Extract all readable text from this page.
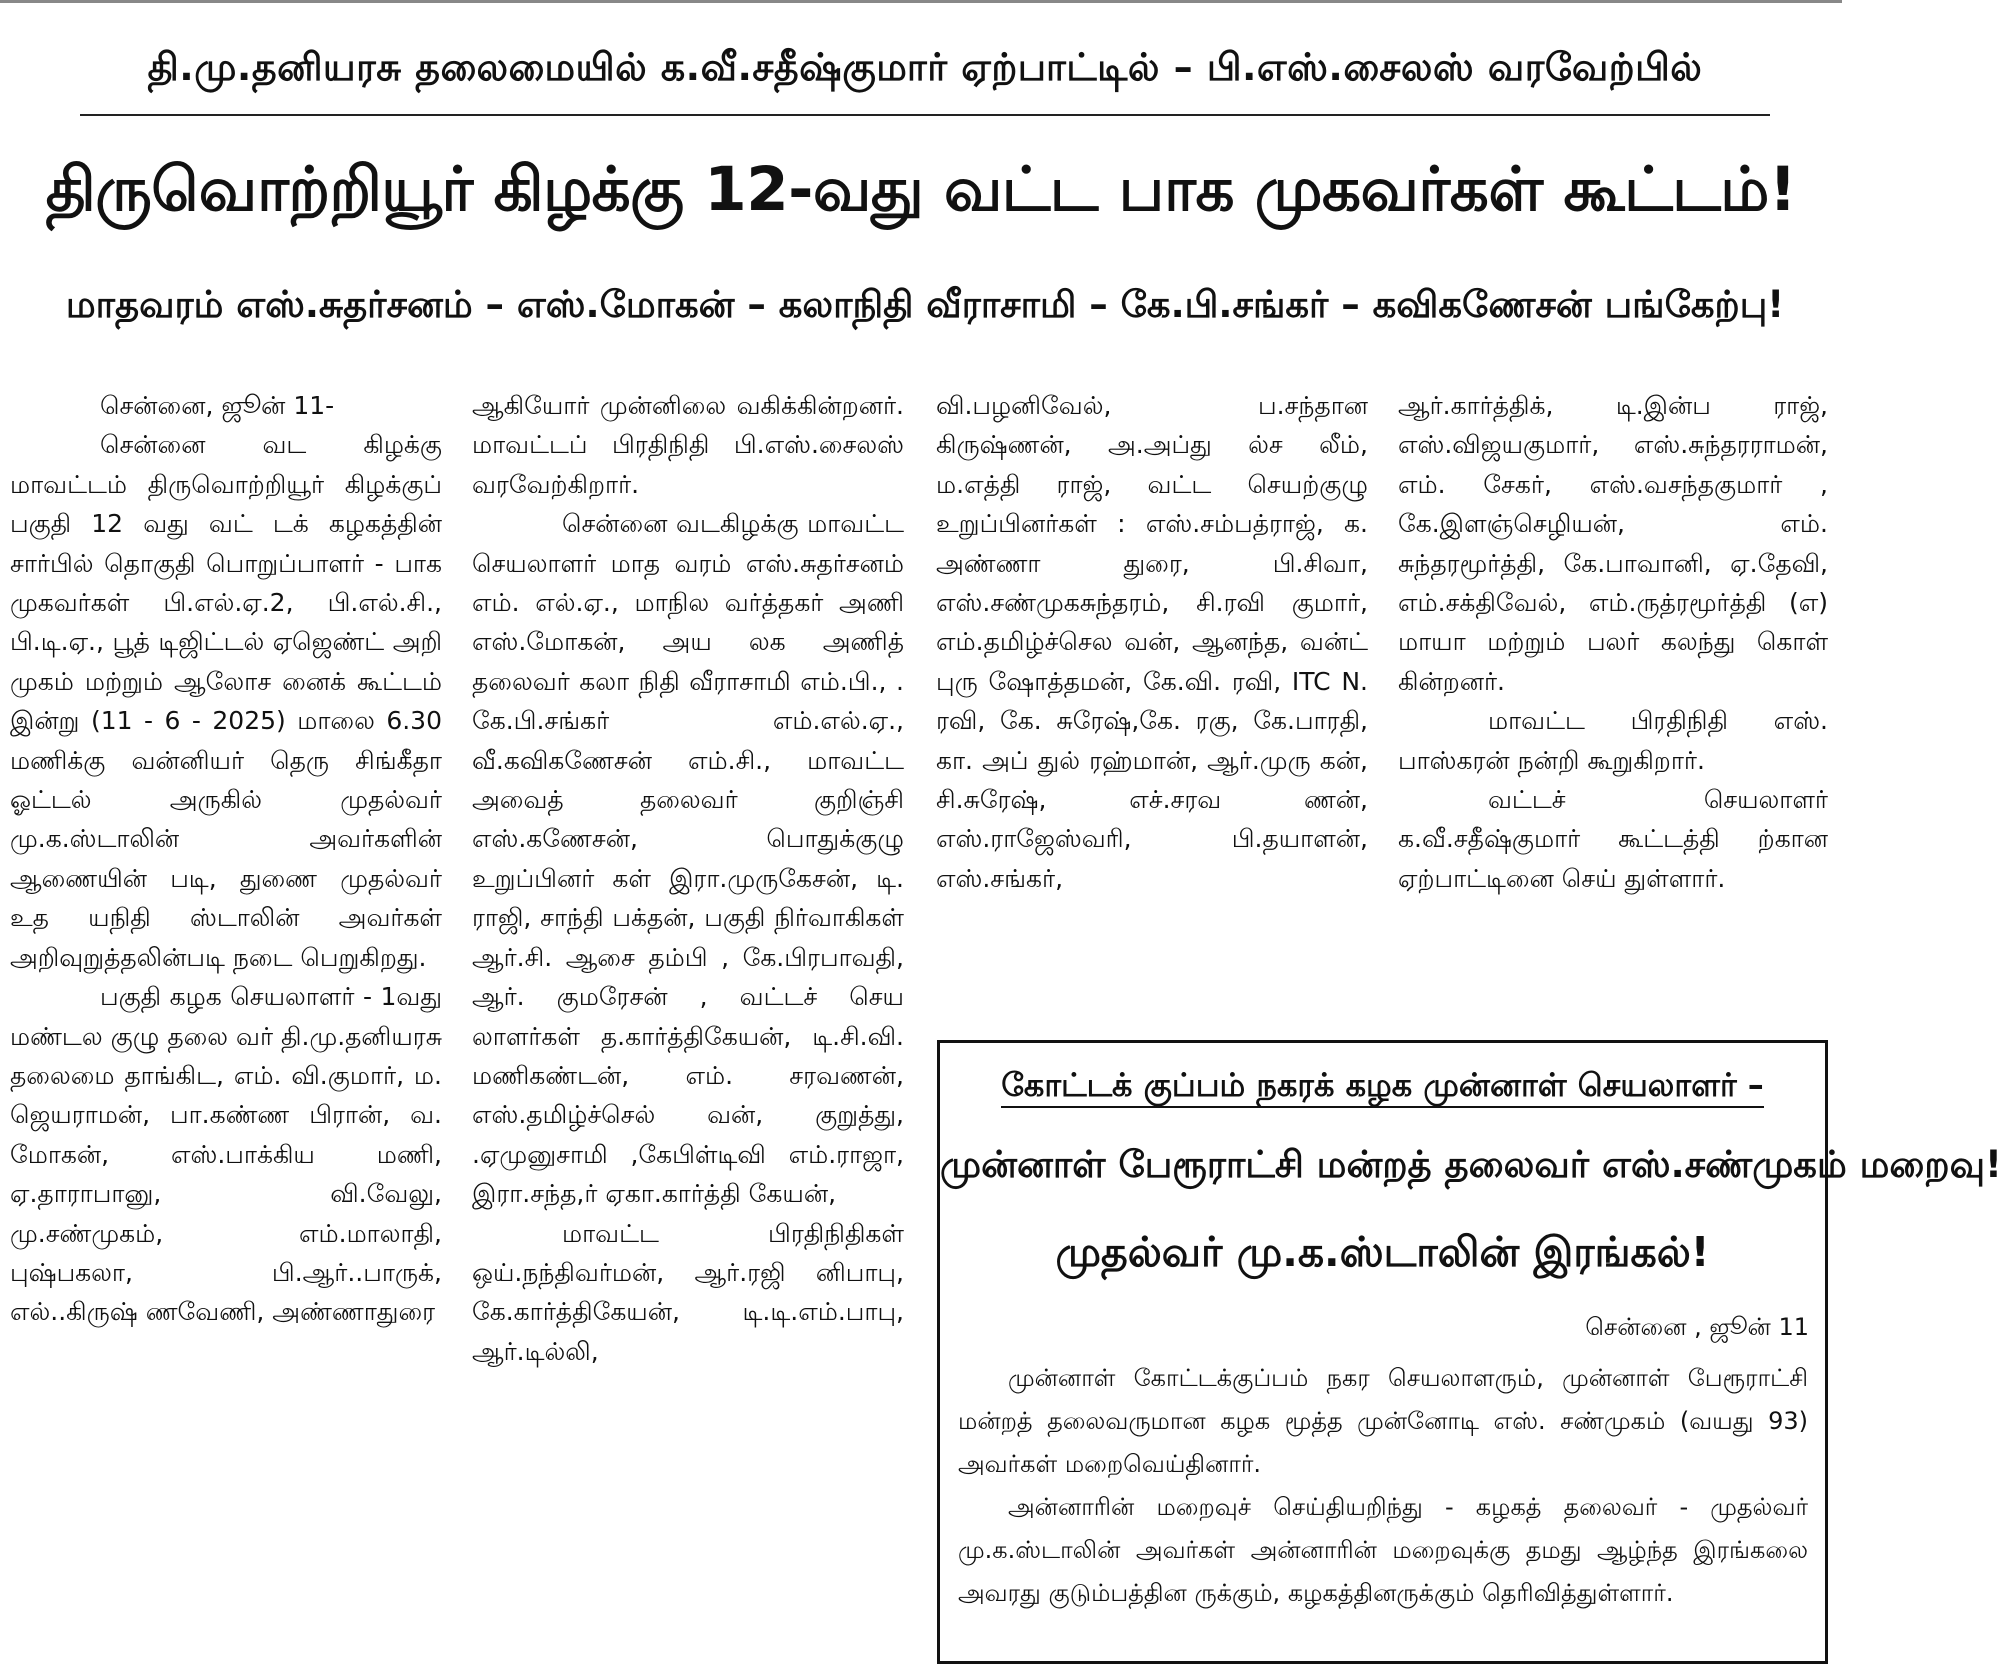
தி.மு.தனியரசு தலைமையில் க.வீ.சதீஷ்குமார் ஏற்பாட்டில் – பி.எஸ்.சைலஸ் வரவேற்பில்
திருவொற்றியூர் கிழக்கு 12-வது வட்ட பாக முகவர்கள் கூட்டம்!
மாதவரம் எஸ்.சுதர்சனம் – எஸ்.மோகன் – கலாநிதி வீராசாமி – கே.பி.சங்கர் – கவிகணேசன் பங்கேற்பு!

சென்னை, ஜூன் 11-

சென்னை வட கிழக்கு மாவட்டம் திருவொற்றியூர் கிழக்குப் பகுதி 12 வது வட் டக் கழகத்தின் சார்பில் தொகுதி பொறுப்பாளர் - பாக முகவர்கள் பி.எல்.ஏ.2, பி.எல்.சி., பி.டி.ஏ., பூத் டிஜிட்டல் ஏஜெண்ட் அறி முகம் மற்றும் ஆலோச னைக் கூட்டம் இன்று (11 - 6 - 2025) மாலை 6.30 மணிக்கு வன்னியர் தெரு சிங்கீதா ஓட்டல் அருகில் முதல்வர் மு.க.ஸ்டாலின் அவர்களின் ஆணையின் படி, துணை முதல்வர் உத யநிதி ஸ்டாலின் அவர்கள் அறிவுறுத்தலின்படி நடை பெறுகிறது.

பகுதி கழக செயலாளர் - 1வது மண்டல குழு தலை வர் தி.மு.தனியரசு தலைமை தாங்கிட, எம். வி.குமார், ம. ஜெயராமன், பா.கண்ண பிரான், வ. மோகன், எஸ்.பாக்கிய மணி, ஏ.தாராபானு, வி.வேலு, மு.சண்முகம், எம்.மாலாதி, புஷ்பகலா, பி.ஆர்..பாருக், எல்..கிருஷ் ணவேணி, அண்ணாதுரை

ஆகியோர் முன்னிலை வகிக்கின்றனர். மாவட்டப் பிரதிநிதி பி.எஸ்.சைலஸ் வரவேற்கிறார்.

சென்னை வடகிழக்கு மாவட்ட செயலாளர் மாத வரம் எஸ்.சுதர்சனம் எம். எல்.ஏ., மாநில வர்த்தகர் அணி எஸ்.மோகன், அய லக அணித் தலைவர் கலா நிதி வீராசாமி எம்.பி., . கே.பி.சங்கர் எம்.எல்.ஏ., வீ.கவிகணேசன் எம்.சி., மாவட்ட அவைத் தலைவர் குறிஞ்சி எஸ்.கணேசன், பொதுக்குழு உறுப்பினர் கள் இரா.முருகேசன், டி. ராஜி, சாந்தி பக்தன், பகுதி நிர்வாகிகள் ஆர்.சி. ஆசை தம்பி , கே.பிரபாவதி, ஆர். குமரேசன் , வட்டச் செய லாளர்கள் த.கார்த்திகேயன், டி.சி.வி. மணிகண்டன், எம். சரவணன், எஸ்.தமிழ்ச்செல் வன், குறுத்து, .ஏமுனுசாமி ,கேபிள்டிவி எம்.ராஜா, இரா.சந்த,ர் ஏகா.கார்த்தி கேயன்,

மாவட்ட பிரதிநிதிகள் ஒய்.நந்திவர்மன், ஆர்.ரஜி னிபாபு, கே.கார்த்திகேயன், டி.டி.எம்.பாபு, ஆர்.டில்லி,

வி.பழனிவேல், ப.சந்தான கிருஷ்ணன், அ.அப்து ல்ச லீம், ம.எத்தி ராஜ், வட்ட செயற்குழு உறுப்பினர்கள் : எஸ்.சம்பத்ராஜ், க. அண்ணா துரை, பி.சிவா, எஸ்.சண்முகசுந்தரம், சி.ரவி குமார், எம்.தமிழ்ச்செல வன், ஆனந்த, வன்ட் புரு ஷோத்தமன், கே.வி. ரவி, ITC N. ரவி, கே. சுரேஷ்,கே. ரகு, கே.பாரதி, கா. அப் துல் ரஹ்மான், ஆர்.முரு கன், சி.சுரேஷ், எச்.சரவ ணன், எஸ்.ராஜேஸ்வரி, பி.தயாளன், எஸ்.சங்கர்,

ஆர்.கார்த்திக், டி.இன்ப ராஜ், எஸ்.விஜயகுமார், எஸ்.சுந்தரராமன், எம். சேகர், எஸ்.வசந்தகுமார் , கே.இளஞ்செழியன், எம். சுந்தரமூர்த்தி, கே.பாவானி, ஏ.தேவி, எம்.சக்திவேல், எம்.ருத்ரமூர்த்தி (எ) மாயா மற்றும் பலர் கலந்து கொள் கின்றனர்.

மாவட்ட பிரதிநிதி எஸ். பாஸ்கரன் நன்றி கூறுகிறார்.

வட்டச் செயலாளர் க.வீ.சதீஷ்குமார் கூட்டத்தி ற்கான ஏற்பாட்டினை செய் துள்ளார்.

கோட்டக் குப்பம் நகரக் கழக முன்னாள் செயலாளர் –
முன்னாள் பேரூராட்சி மன்றத் தலைவர் எஸ்.சண்முகம் மறைவு!
முதல்வர் மு.க.ஸ்டாலின் இரங்கல்!
சென்னை , ஜூன் 11

முன்னாள் கோட்டக்குப்பம் நகர செயலாளரும், முன்னாள் பேரூராட்சி மன்றத் தலைவருமான கழக மூத்த முன்னோடி எஸ். சண்முகம் (வயது 93) அவர்கள் மறைவெய்தினார்.

அன்னாரின் மறைவுச் செய்தியறிந்து - கழகத் தலைவர் - முதல்வர் மு.க.ஸ்டாலின் அவர்கள் அன்னாரின் மறைவுக்கு தமது ஆழ்ந்த இரங்கலை அவரது குடும்பத்தின ருக்கும், கழகத்தினருக்கும் தெரிவித்துள்ளார்.
